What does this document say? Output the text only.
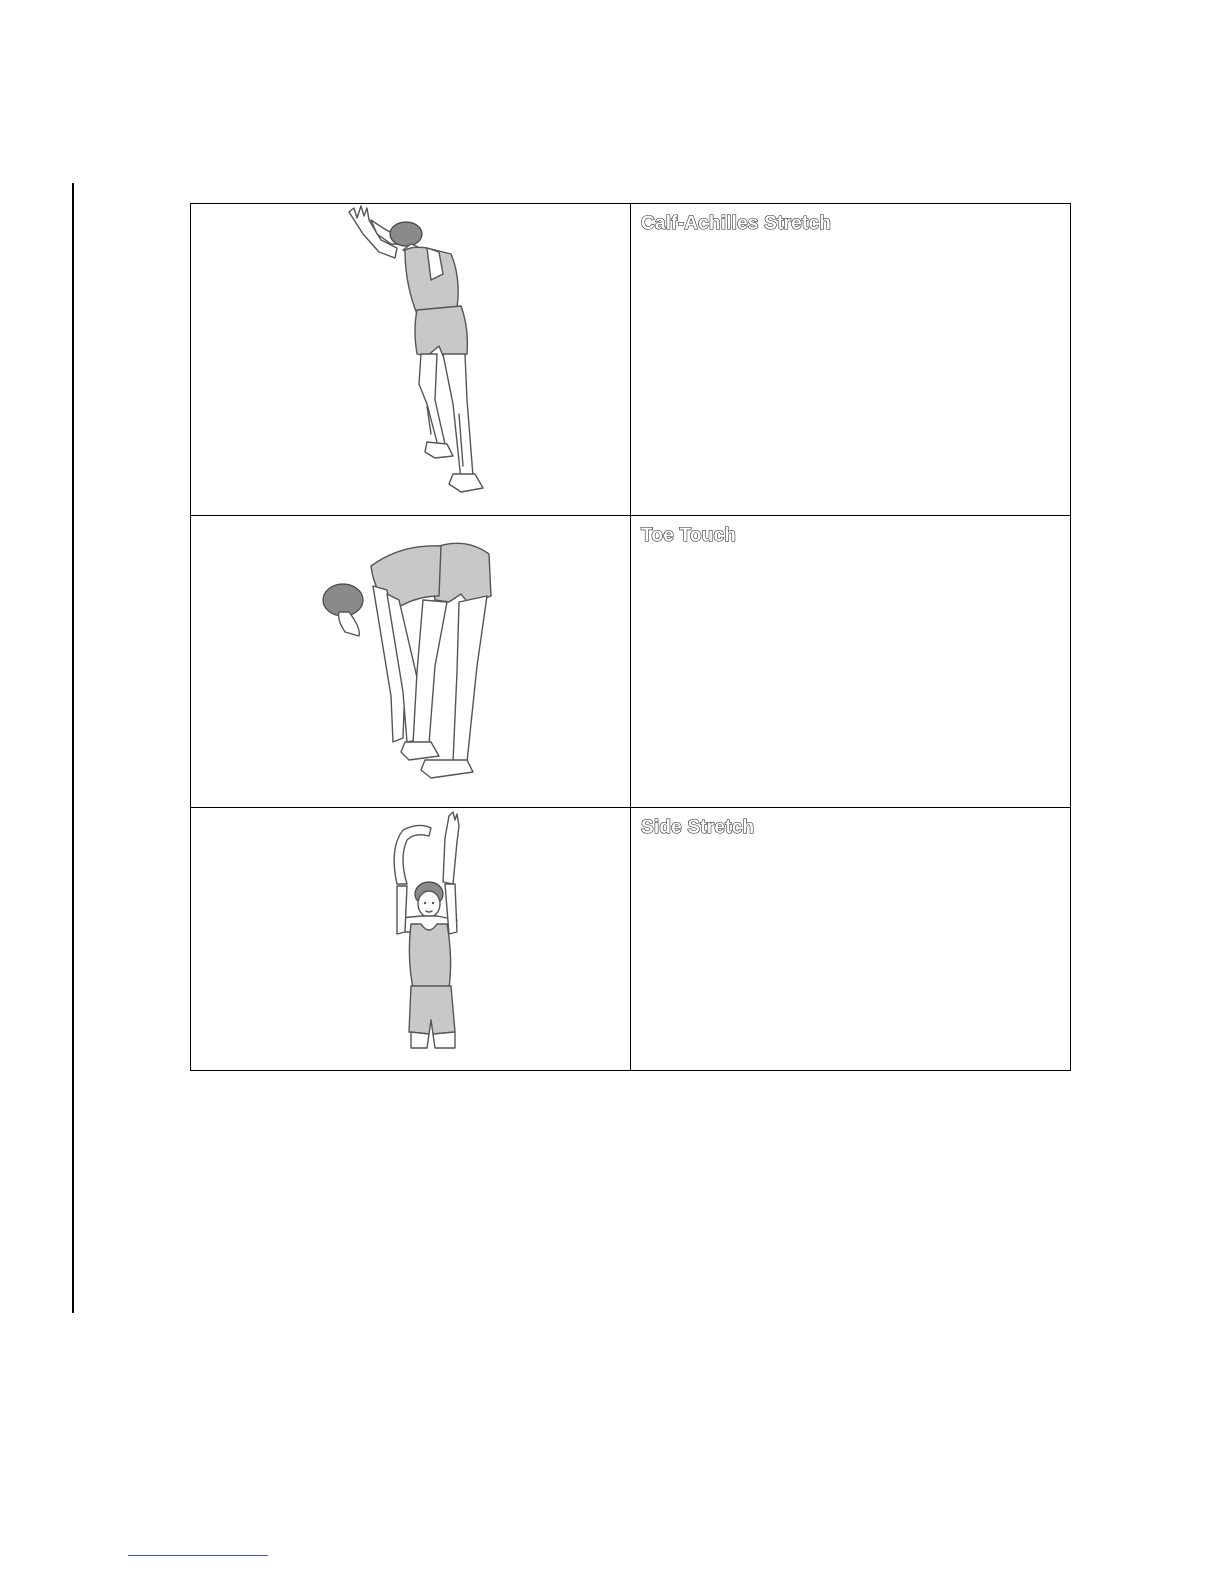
	Calf-Achilles Stretch

	Toe Touch

	Side Stretch
